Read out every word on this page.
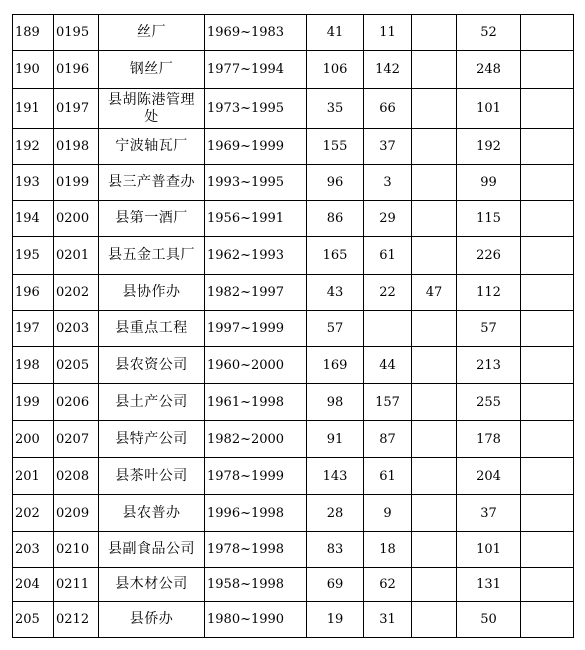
189	0195	丝厂	1969~1983	41	11		52	
190	0196	钢丝厂	1977~1994	106	142		248	
191	0197	县胡陈港管理处	1973~1995	35	66		101	
192	0198	宁波轴瓦厂	1969~1999	155	37		192	
193	0199	县三产普查办	1993~1995	96	3		99	
194	0200	县第一酒厂	1956~1991	86	29		115	
195	0201	县五金工具厂	1962~1993	165	61		226	
196	0202	县协作办	1982~1997	43	22	47	112	
197	0203	县重点工程	1997~1999	57			57	
198	0205	县农资公司	1960~2000	169	44		213	
199	0206	县土产公司	1961~1998	98	157		255	
200	0207	县特产公司	1982~2000	91	87		178	
201	0208	县茶叶公司	1978~1999	143	61		204	
202	0209	县农普办	1996~1998	28	9		37	
203	0210	县副食品公司	1978~1998	83	18		101	
204	0211	县木材公司	1958~1998	69	62		131	
205	0212	县侨办	1980~1990	19	31		50	
